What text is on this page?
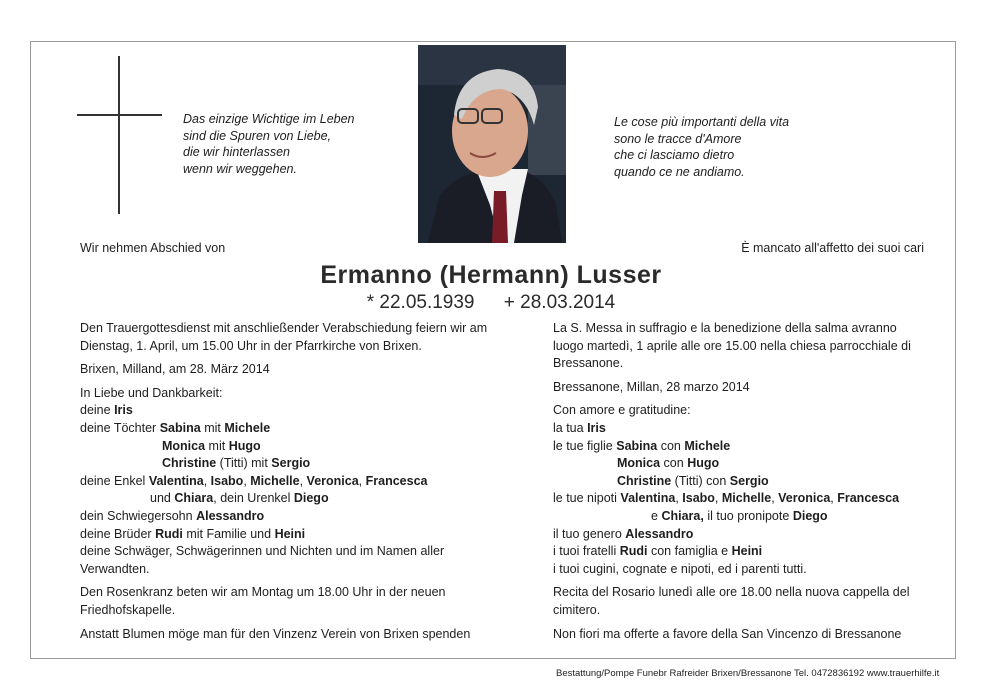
Das einzige Wichtige im Leben
sind die Spuren von Liebe,
die wir hinterlassen
wenn wir weggehen.
Le cose più importanti della vita
sono le tracce d'Amore
che ci lasciamo dietro
quando ce ne andiamo.
Wir nehmen Abschied von	È mancato all'affetto dei suoi cari
Ermanno (Hermann) Lusser
* 22.05.1939 + 28.03.2014
Den Trauergottesdienst mit anschließender Verabschiedung feiern wir am
Dienstag, 1. April, um 15.00 Uhr in der Pfarrkirche von Brixen.
Brixen, Milland, am 28. März 2014
In Liebe und Dankbarkeit:
deine Iris
deine Töchter Sabina mit Michele
Monica mit Hugo
Christine (Titti) mit Sergio
deine Enkel Valentina, Isabo, Michelle, Veronica, Francesca
und Chiara, dein Urenkel Diego
dein Schwiegersohn Alessandro
deine Brüder Rudi mit Familie und Heini
deine Schwäger, Schwägerinnen und Nichten und im Namen aller
Verwandten.
Den Rosenkranz beten wir am Montag um 18.00 Uhr in der neuen
Friedhofskapelle.
Anstatt Blumen möge man für den Vinzenz Verein von Brixen spenden
La S. Messa in suffragio e la benedizione della salma avranno
luogo martedì, 1 aprile alle ore 15.00 nella chiesa parrocchiale di
Bressanone.
Bressanone, Millan, 28 marzo 2014
Con amore e gratitudine:
la tua Iris
le tue figlie Sabina con Michele
Monica con Hugo
Christine (Titti) con Sergio
le tue nipoti Valentina, Isabo, Michelle, Veronica, Francesca
e Chiara, il tuo pronipote Diego
il tuo genero Alessandro
i tuoi fratelli Rudi con famiglia e Heini
i tuoi cugini, cognate e nipoti, ed i parenti tutti.
Recita del Rosario lunedì alle ore 18.00 nella nuova cappella del
cimitero.
Non fiori ma offerte a favore della San Vincenzo di Bressanone
Bestattung/Pompe Funebr Rafreider Brixen/Bressanone Tel. 0472836192 www.trauerhilfe.it
